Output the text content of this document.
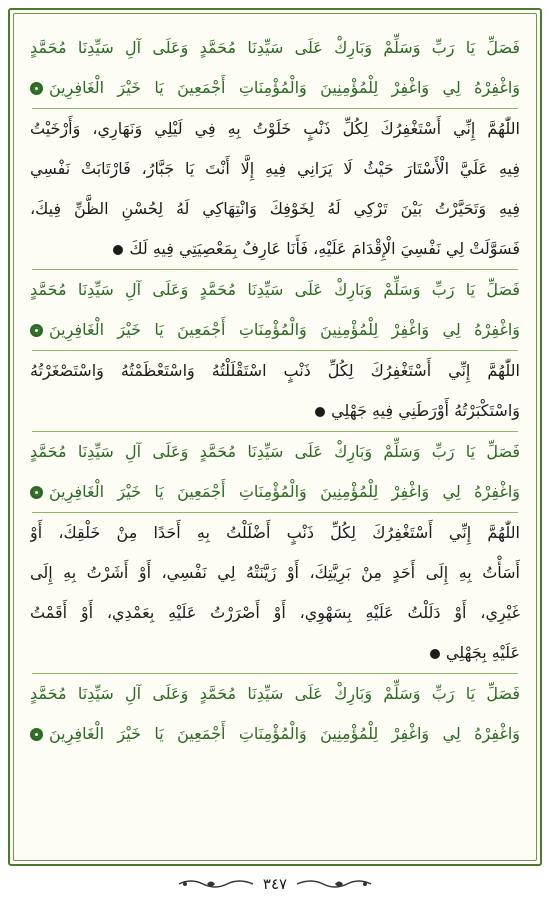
فَصَلِّ يَا رَبِّ وَسَلِّمْ وَبَارِكْ عَلَى سَيِّدِنَا مُحَمَّدٍ وَعَلَى آلِ سَيِّدِنَا مُحَمَّدٍ
وَاغْفِرْهُ لِي وَاغْفِرْ لِلْمُؤْمِنِينَ وَالْمُؤْمِنَاتِ أَجْمَعِينَ يَا خَيْرَ الْغَافِرِينَ
اللّٰهُمَّ إِنِّي أَسْتَغْفِرُكَ لِكُلِّ ذَنْبٍ خَلَوْتُ بِهِ فِي لَيْلِي وَنَهَارِي، وَأَرْخَيْتُ
فِيهِ عَلَيَّ الْأَسْتَارَ حَيْثُ لَا يَرَانِي فِيهِ إِلَّا أَنْتَ يَا جَبَّارُ، فَارْتَابَتْ نَفْسِي
فِيهِ وَتَحَيَّرْتُ بَيْنَ تَرْكِي لَهُ لِخَوْفِكَ وَانْتِهَاكِي لَهُ لِحُسْنِ الظَّنِّ فِيكَ،
فَسَوَّلَتْ لِي نَفْسِيَ الْإِقْدَامَ عَلَيْهِ، فَأَنَا عَارِفٌ بِمَعْصِيَتِي فِيهِ لَكَ
فَصَلِّ يَا رَبِّ وَسَلِّمْ وَبَارِكْ عَلَى سَيِّدِنَا مُحَمَّدٍ وَعَلَى آلِ سَيِّدِنَا مُحَمَّدٍ
وَاغْفِرْهُ لِي وَاغْفِرْ لِلْمُؤْمِنِينَ وَالْمُؤْمِنَاتِ أَجْمَعِينَ يَا خَيْرَ الْغَافِرِينَ
اللّٰهُمَّ إِنِّي أَسْتَغْفِرُكَ لِكُلِّ ذَنْبٍ اسْتَقْلَلْتُهُ وَاسْتَعْظَمْتُهُ وَاسْتَصْغَرْتُهُ
وَاسْتَكْبَرْتُهُ أَوْرَطَنِي فِيهِ جَهْلِي
فَصَلِّ يَا رَبِّ وَسَلِّمْ وَبَارِكْ عَلَى سَيِّدِنَا مُحَمَّدٍ وَعَلَى آلِ سَيِّدِنَا مُحَمَّدٍ
وَاغْفِرْهُ لِي وَاغْفِرْ لِلْمُؤْمِنِينَ وَالْمُؤْمِنَاتِ أَجْمَعِينَ يَا خَيْرَ الْغَافِرِينَ
اللّٰهُمَّ إِنِّي أَسْتَغْفِرُكَ لِكُلِّ ذَنْبٍ أَضْلَلْتُ بِهِ أَحَدًا مِنْ خَلْقِكَ، أَوْ
أَسَأْتُ بِهِ إِلَى أَحَدٍ مِنْ بَرِيَّتِكَ، أَوْ زَيَّنَتْهُ لِي نَفْسِي، أَوْ أَشَرْتُ بِهِ إِلَى
غَيْرِي، أَوْ دَلَلْتُ عَلَيْهِ بِسَهْوِي، أَوْ أَصْرَرْتُ عَلَيْهِ بِعَمْدِي، أَوْ أَقَمْتُ
عَلَيْهِ بِجَهْلِي
فَصَلِّ يَا رَبِّ وَسَلِّمْ وَبَارِكْ عَلَى سَيِّدِنَا مُحَمَّدٍ وَعَلَى آلِ سَيِّدِنَا مُحَمَّدٍ
وَاغْفِرْهُ لِي وَاغْفِرْ لِلْمُؤْمِنِينَ وَالْمُؤْمِنَاتِ أَجْمَعِينَ يَا خَيْرَ الْغَافِرِينَ
٣٤٧
